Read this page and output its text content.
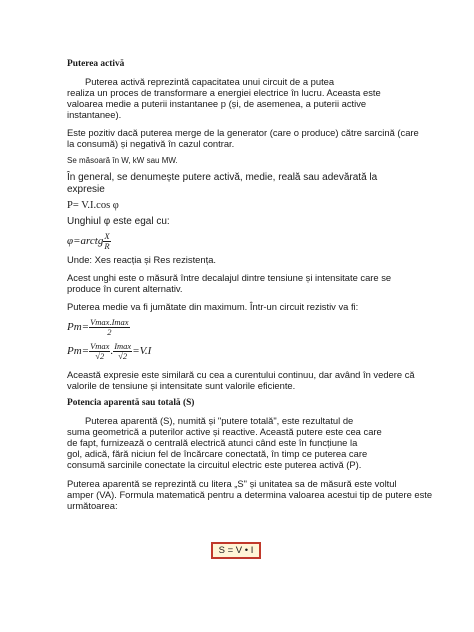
Puterea activă
Puterea activă reprezintă capacitatea unui circuit de a putea
realiza un proces de transformare a energiei electrice în lucru. Aceasta este
valoarea medie a puterii instantanee p (și, de asemenea, a puterii active
instantanee).
Este pozitiv dacă puterea merge de la generator (care o produce) către sarcină (care
la consumă) și negativă în cazul contrar.
Se măsoară în W, kW sau MW.
În general, se denumește putere activă, medie, reală sau adevărată la
expresie
P= V.I.cos φ
Unghiul φ este egal cu:
φ=arctg $\frac{X}{R}$
Unde: Xes reacția și Res rezistența.
Acest unghi este o măsură între decalajul dintre tensiune și intensitate care se
produce în curent alternativ.
Puterea medie va fi jumătate din maximum. Într-un circuit rezistiv va fi:
$Pm= \frac{Vmax.Imax}{2}$
$Pm= \frac{Vmax}{√2}$ . $\frac{Imax}{√2} =V.I$
Această expresie este similară cu cea a curentului continuu, dar având în vedere că
valorile de tensiune și intensitate sunt valorile eficiente.
Potencia aparentă sau totală (S)
Puterea aparentă (S), numită și "putere totală", este rezultatul de
suma geometrică a puterilor active și reactive. Această putere este cea care
de fapt, furnizează o centrală electrică atunci când este în funcțiune la
gol, adică, fără niciun fel de încărcare conectată, în timp ce puterea care
consumă sarcinile conectate la circuitul electric este puterea activă (P).
Puterea aparentă se reprezintă cu litera „S" și unitatea sa de măsură este voltul
amper (VA). Formula matematică pentru a determina valoarea acestui tip de putere este
următoarea:
S = V • I
